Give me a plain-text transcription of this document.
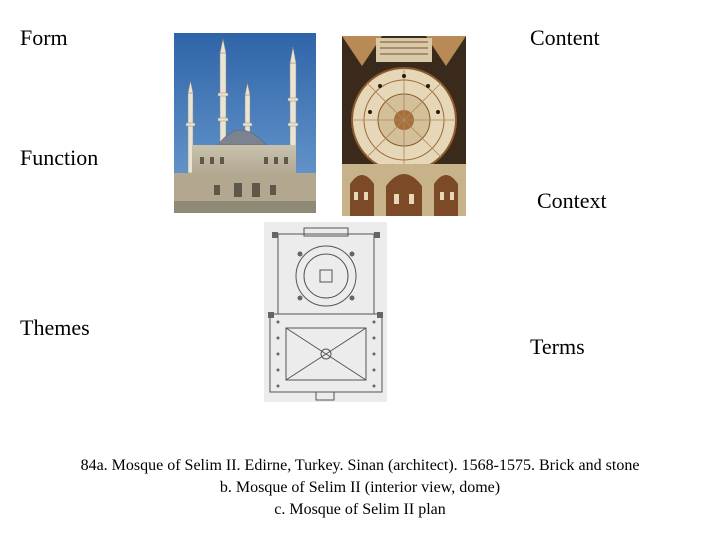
Form	Content
Function
Context
Themes
Terms
84a. Mosque of Selim II. Edirne, Turkey. Sinan (architect). 1568-1575. Brick and stone
b. Mosque of Selim II (interior view, dome)
c. Mosque of Selim II plan
